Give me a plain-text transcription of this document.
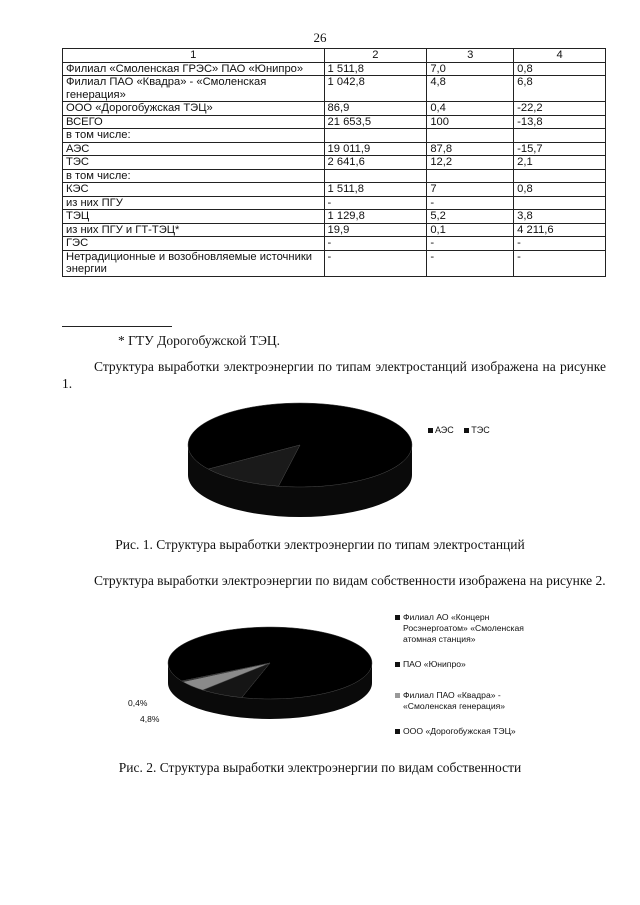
26
1	2	3	4
Филиал «Смоленская ГРЭС» ПАО «Юнипро»	1 511,8	7,0	0,8
Филиал ПАО «Квадра» - «Смоленская генерация»	1 042,8	4,8	6,8
ООО «Дорогобужская ТЭЦ»	86,9	0,4	-22,2
ВСЕГО	21 653,5	100	-13,8
в том числе:			
АЭС	19 011,9	87,8	-15,7
ТЭС	2 641,6	12,2	2,1
в том числе:			
КЭС	1 511,8	7	0,8
из них ПГУ	-	-	
ТЭЦ	1 129,8	5,2	3,8
из них ПГУ и ГТ-ТЭЦ*	19,9	0,1	4 211,6
ГЭС	-	-	-
Нетрадиционные и возобновляемые источники энергии	-	-	-
* ГТУ Дорогобужской ТЭЦ.
Структура выработки электроэнергии по типам электростанций изображена на рисунке 1.
АЭС ТЭС
Рис. 1. Структура выработки электроэнергии по типам электростанций
Структура выработки электроэнергии по видам собственности изображена на рисунке 2.
0,4%
4,8%
Филиал АО «Концерн Росэнергоатом» «Смоленская атомная станция»
ПАО «Юнипро»
Филиал ПАО «Квадра» - «Смоленская генерация»
ООО «Дорогобужская ТЭЦ»
Рис. 2. Структура выработки электроэнергии по видам собственности
